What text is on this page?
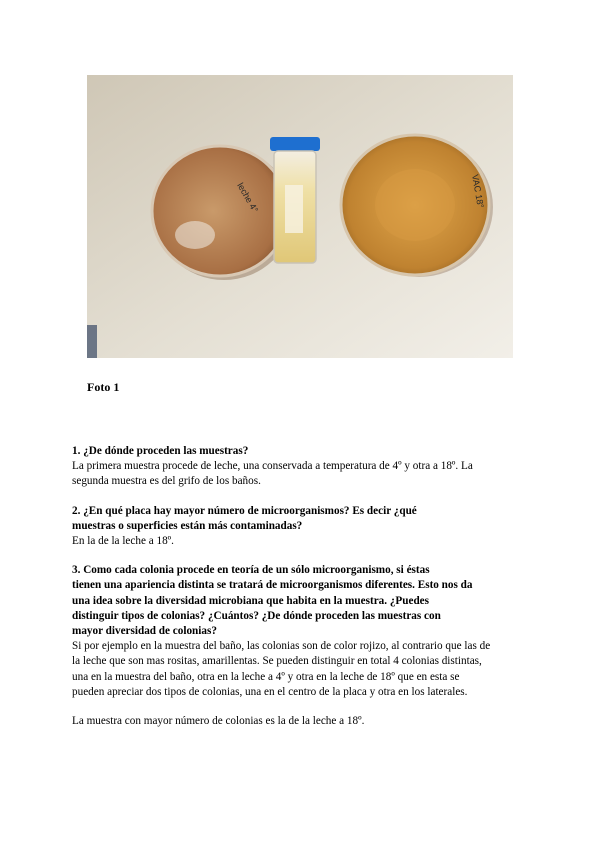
leche 4°	VAC 18°
Foto 1
1. ¿De dónde proceden las muestras?
La primera muestra procede de leche, una conservada a temperatura de 4º y otra a 18º. La
segunda muestra es del grifo de los baños.
2. ¿En qué placa hay mayor número de microorganismos? Es decir ¿qué
muestras o superficies están más contaminadas?
En la de la leche a 18º.
3. Como cada colonia procede en teoría de un sólo microorganismo, si éstas
tienen una apariencia distinta se tratará de microorganismos diferentes. Esto nos da
una idea sobre la diversidad microbiana que habita en la muestra. ¿Puedes
distinguir tipos de colonias? ¿Cuántos? ¿De dónde proceden las muestras con
mayor diversidad de colonias?
Si por ejemplo en la muestra del baño, las colonias son de color rojizo, al contrario que las de
la leche que son mas rositas, amarillentas. Se pueden distinguir en total 4 colonias distintas,
una en la muestra del baño, otra en la leche a 4º y otra en la leche de 18º que en esta se
pueden apreciar dos tipos de colonias, una en el centro de la placa y otra en los laterales.
La muestra con mayor número de colonias es la de la leche a 18º.
